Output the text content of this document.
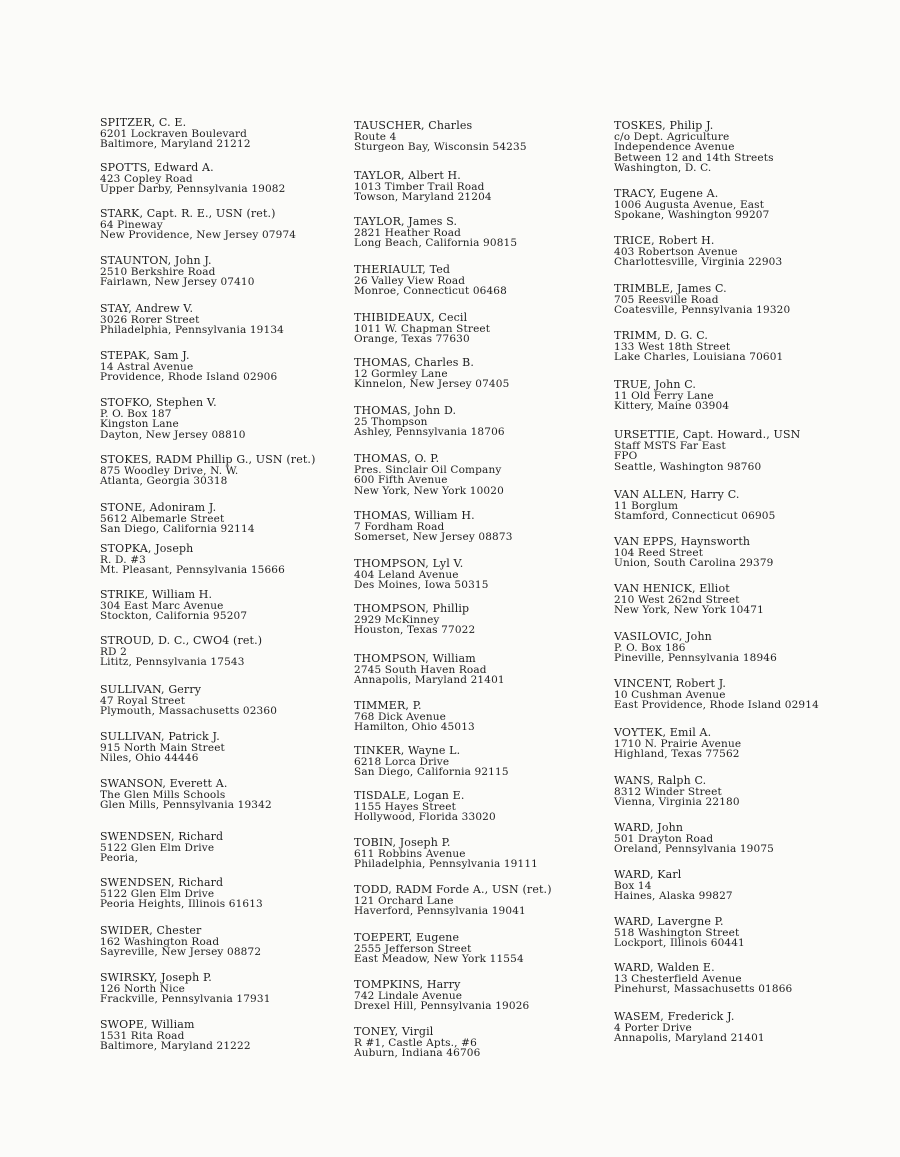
SPITZER, C. E.
6201 Lockraven Boulevard
Baltimore, Maryland 21212
SPOTTS, Edward A.
423 Copley Road
Upper Darby, Pennsylvania 19082
STARK, Capt. R. E., USN (ret.)
64 Pineway
New Providence, New Jersey 07974
STAUNTON, John J.
2510 Berkshire Road
Fairlawn, New Jersey 07410
STAY, Andrew V.
3026 Rorer Street
Philadelphia, Pennsylvania 19134
STEPAK, Sam J.
14 Astral Avenue
Providence, Rhode Island 02906
STOFKO, Stephen V.
P. O. Box 187
Kingston Lane
Dayton, New Jersey 08810
STOKES, RADM Phillip G., USN (ret.)
875 Woodley Drive, N. W.
Atlanta, Georgia 30318
STONE, Adoniram J.
5612 Albemarle Street
San Diego, California 92114
STOPKA, Joseph
R. D. #3
Mt. Pleasant, Pennsylvania 15666
STRIKE, William H.
304 East Marc Avenue
Stockton, California 95207
STROUD, D. C., CWO4 (ret.)
RD 2
Lititz, Pennsylvania 17543
SULLIVAN, Gerry
47 Royal Street
Plymouth, Massachusetts 02360
SULLIVAN, Patrick J.
915 North Main Street
Niles, Ohio 44446
SWANSON, Everett A.
The Glen Mills Schools
Glen Mills, Pennsylvania 19342
SWENDSEN, Richard
5122 Glen Elm Drive
Peoria,
SWENDSEN, Richard
5122 Glen Elm Drive
Peoria Heights, Illinois 61613
SWIDER, Chester
162 Washington Road
Sayreville, New Jersey 08872
SWIRSKY, Joseph P.
126 North Nice
Frackville, Pennsylvania 17931
SWOPE, William
1531 Rita Road
Baltimore, Maryland 21222
TAUSCHER, Charles
Route 4
Sturgeon Bay, Wisconsin 54235
TAYLOR, Albert H.
1013 Timber Trail Road
Towson, Maryland 21204
TAYLOR, James S.
2821 Heather Road
Long Beach, California 90815
THERIAULT, Ted
26 Valley View Road
Monroe, Connecticut 06468
THIBIDEAUX, Cecil
1011 W. Chapman Street
Orange, Texas 77630
THOMAS, Charles B.
12 Gormley Lane
Kinnelon, New Jersey 07405
THOMAS, John D.
25 Thompson
Ashley, Pennsylvania 18706
THOMAS, O. P.
Pres. Sinclair Oil Company
600 Fifth Avenue
New York, New York 10020
THOMAS, William H.
7 Fordham Road
Somerset, New Jersey 08873
THOMPSON, Lyl V.
404 Leland Avenue
Des Moines, Iowa 50315
THOMPSON, Phillip
2929 McKinney
Houston, Texas 77022
THOMPSON, William
2745 South Haven Road
Annapolis, Maryland 21401
TIMMER, P.
768 Dick Avenue
Hamilton, Ohio 45013
TINKER, Wayne L.
6218 Lorca Drive
San Diego, California 92115
TISDALE, Logan E.
1155 Hayes Street
Hollywood, Florida 33020
TOBIN, Joseph P.
611 Robbins Avenue
Philadelphia, Pennsylvania 19111
TODD, RADM Forde A., USN (ret.)
121 Orchard Lane
Haverford, Pennsylvania 19041
TOEPERT, Eugene
2555 Jefferson Street
East Meadow, New York 11554
TOMPKINS, Harry
742 Lindale Avenue
Drexel Hill, Pennsylvania 19026
TONEY, Virgil
R #1, Castle Apts., #6
Auburn, Indiana 46706
TOSKES, Philip J.
c/o Dept. Agriculture
Independence Avenue
Between 12 and 14th Streets
Washington, D. C.
TRACY, Eugene A.
1006 Augusta Avenue, East
Spokane, Washington 99207
TRICE, Robert H.
403 Robertson Avenue
Charlottesville, Virginia 22903
TRIMBLE, James C.
705 Reesville Road
Coatesville, Pennsylvania 19320
TRIMM, D. G. C.
133 West 18th Street
Lake Charles, Louisiana 70601
TRUE, John C.
11 Old Ferry Lane
Kittery, Maine 03904
URSETTIE, Capt. Howard., USN
Staff MSTS Far East
FPO
Seattle, Washington 98760
VAN ALLEN, Harry C.
11 Borglum
Stamford, Connecticut 06905
VAN EPPS, Haynsworth
104 Reed Street
Union, South Carolina 29379
VAN HENICK, Elliot
210 West 262nd Street
New York, New York 10471
VASILOVIC, John
P. O. Box 186
Pineville, Pennsylvania 18946
VINCENT, Robert J.
10 Cushman Avenue
East Providence, Rhode Island 02914
VOYTEK, Emil A.
1710 N. Prairie Avenue
Highland, Texas 77562
WANS, Ralph C.
8312 Winder Street
Vienna, Virginia 22180
WARD, John
501 Drayton Road
Oreland, Pennsylvania 19075
WARD, Karl
Box 14
Haines, Alaska 99827
WARD, Lavergne P.
518 Washington Street
Lockport, Illinois 60441
WARD, Walden E.
13 Chesterfield Avenue
Pinehurst, Massachusetts 01866
WASEM, Frederick J.
4 Porter Drive
Annapolis, Maryland 21401
